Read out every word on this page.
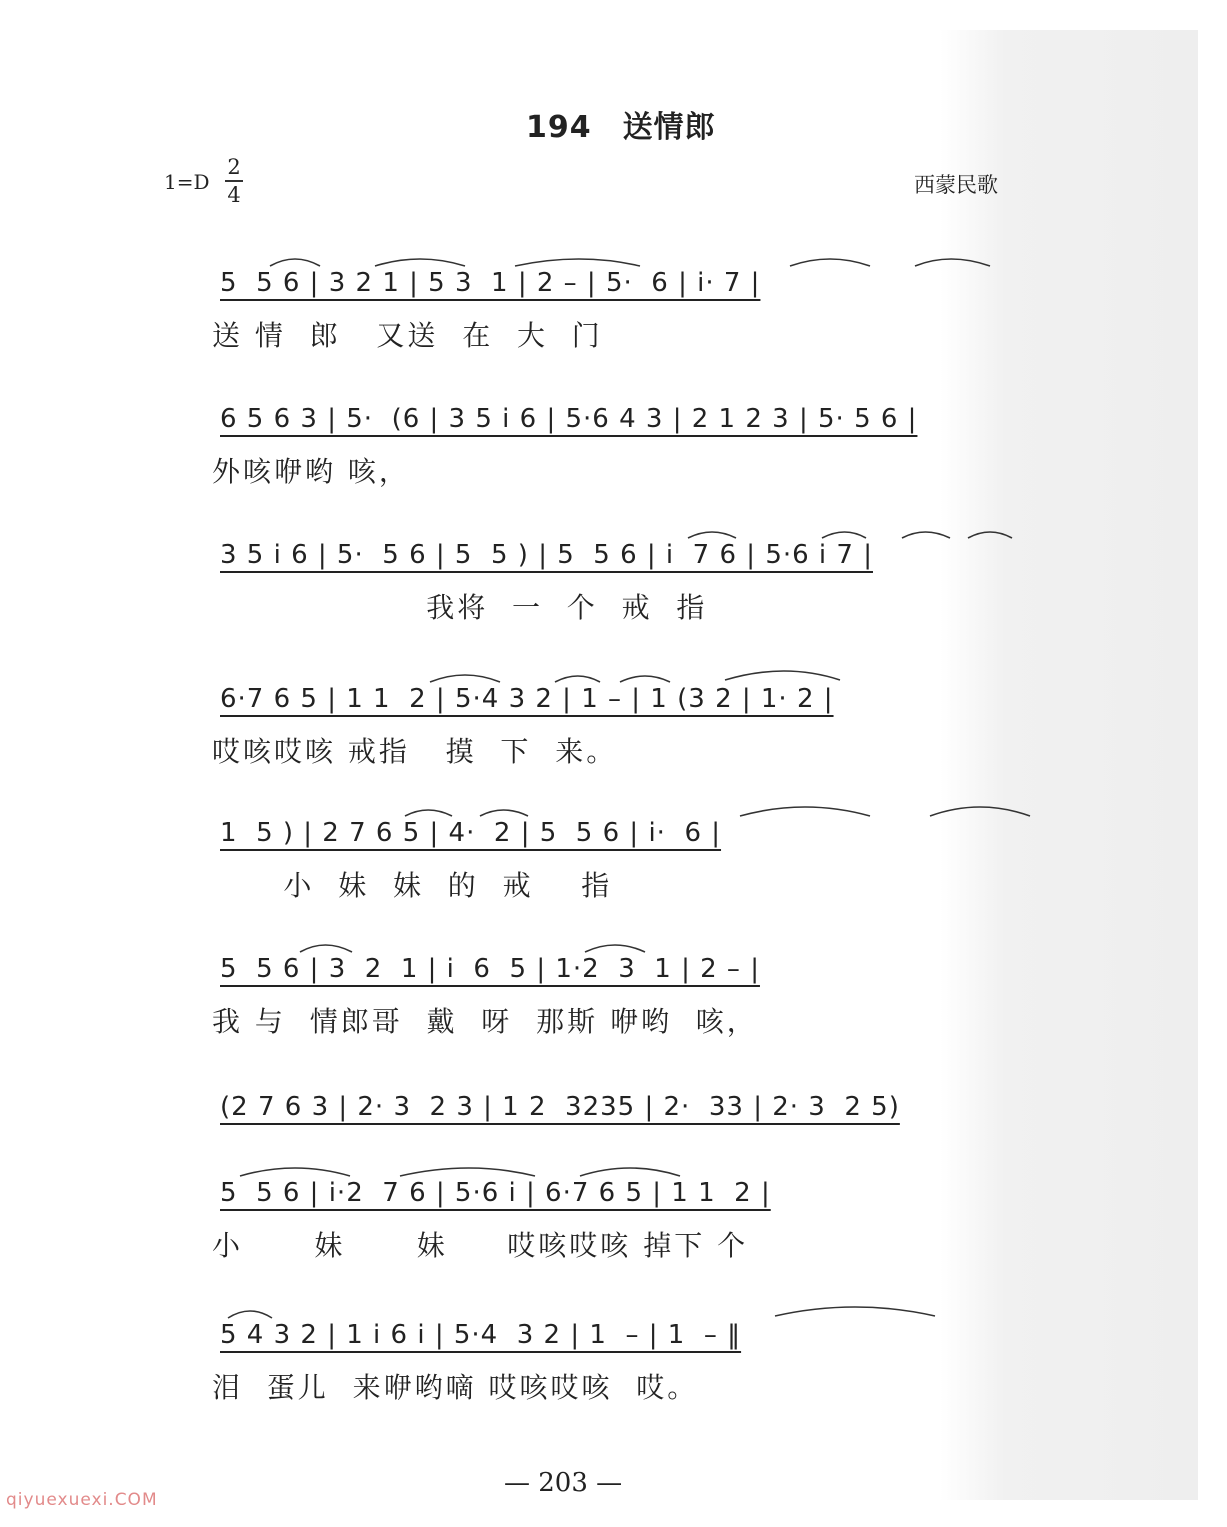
194　送情郎
1=D
2
4	西蒙民歌
5  5 6 | 3 2 1 | 5 3  1 | 2 – | 5·  6 | i· 7 |
送 情  郎   又送  在  大  门
6 5 6 3 | 5·  (6 | 3 5 i 6 | 5·6 4 3 | 2 1 2 3 | 5· 5 6 |
外咳咿哟 咳，
3 5 i 6 | 5·  5 6 | 5  5 ) | 5  5 6 | i  7 6 | 5·6 i 7 |
我将  一  个  戒  指
6·7 6 5 | 1 1  2 | 5·4 3 2 | 1 – | 1 (3 2 | 1· 2 |
哎咳哎咳 戒指   摸  下  来。
1  5 ) | 2 7 6 5 | 4·  2 | 5  5 6 | i·  6 |
小  妹  妹  的  戒    指
5  5 6 | 3  2  1 | i  6  5 | 1·2  3  1 | 2 – |
我 与  情郎哥  戴  呀  那斯 咿哟  咳，
(2 7 6 3 | 2· 3  2 3 | 1 2  3235 | 2·  33 | 2· 3  2 5)
5  5 6 | i·2  7 6 | 5·6 i | 6·7 6 5 | 1 1  2 |
小      妹      妹     哎咳哎咳 掉下 个
5 4 3 2 | 1 i 6 i | 5·4  3 2 | 1  – | 1  – ‖
泪  蛋儿  来咿哟嘀 哎咳哎咳  哎。
— 203 —
qiyuexuexi.COM
